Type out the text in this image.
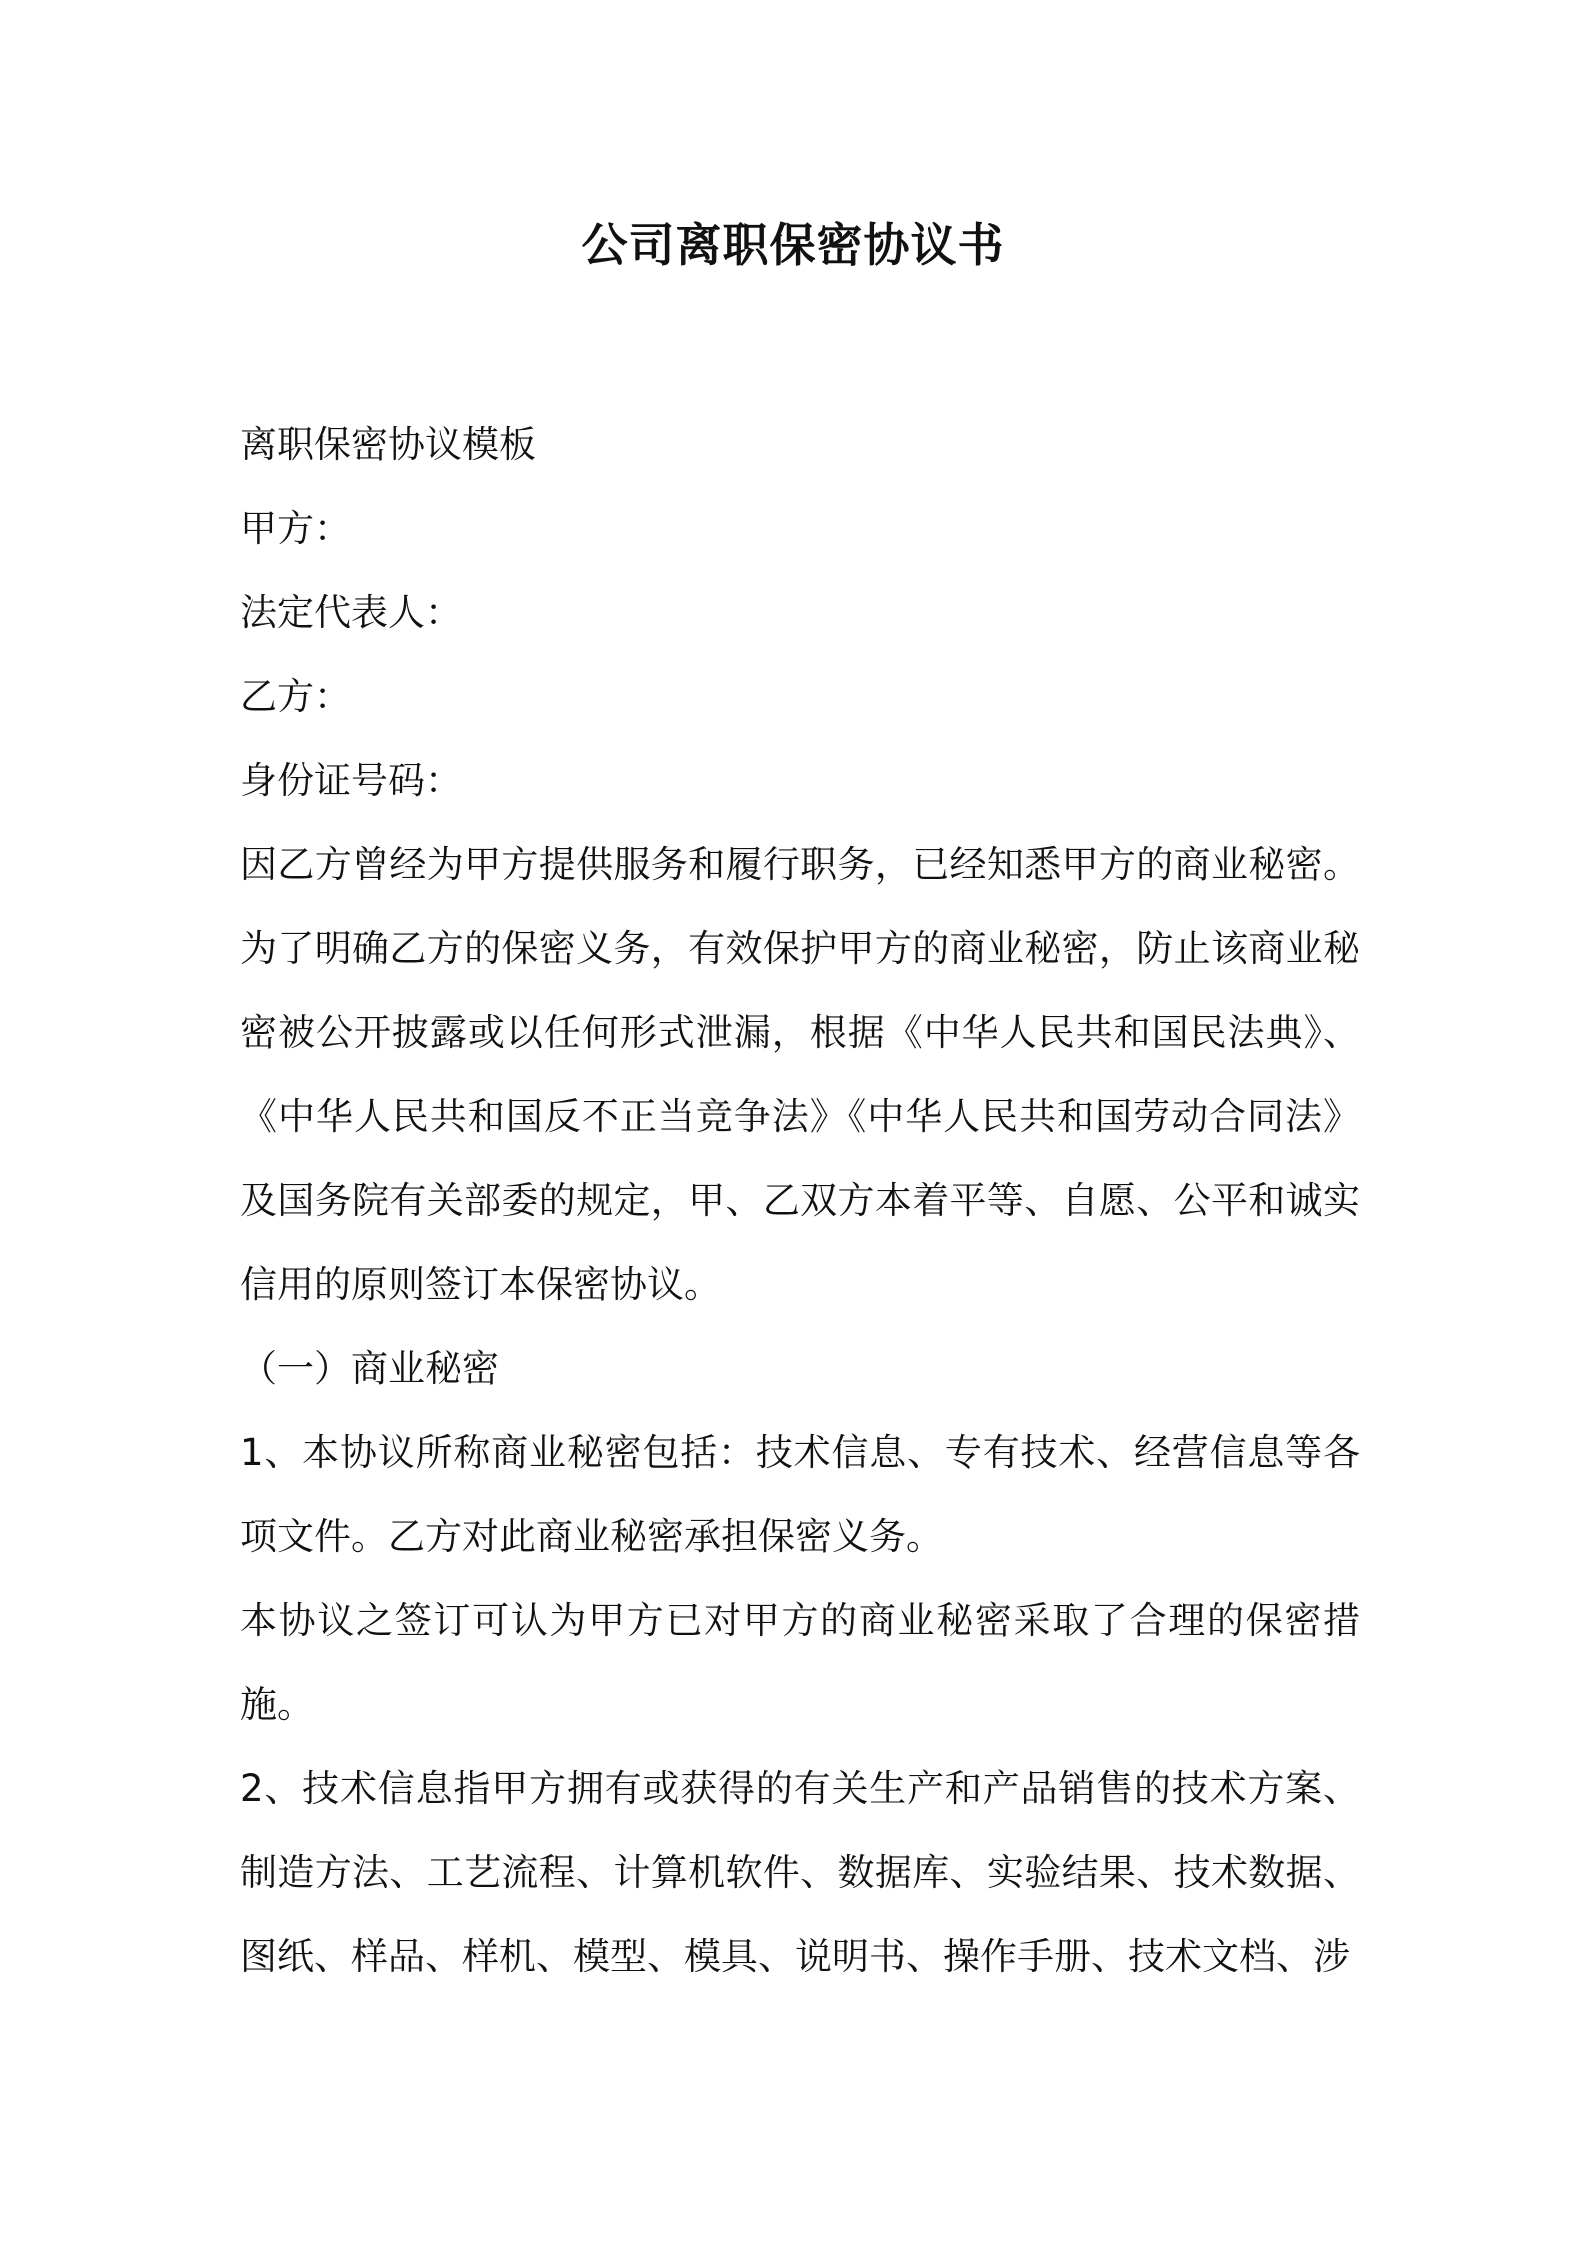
公司离职保密协议书

离职保密协议模板

甲方：

法定代表人：

乙方：

身份证号码：

因乙方曾经为甲方提供服务和履行职务，已经知悉甲方的商业秘密。为了明确乙方的保密义务，有效保护甲方的商业秘密，防止该商业秘密被公开披露或以任何形式泄漏，根据《中华人民共和国民法典》、《中华人民共和国反不正当竞争法》《中华人民共和国劳动合同法》及国务院有关部委的规定，甲、乙双方本着平等、自愿、公平和诚实信用的原则签订本保密协议。

（一）商业秘密

1、本协议所称商业秘密包括：技术信息、专有技术、经营信息等各项文件。乙方对此商业秘密承担保密义务。

本协议之签订可认为甲方已对甲方的商业秘密采取了合理的保密措施。

2、技术信息指甲方拥有或获得的有关生产和产品销售的技术方案、制造方法、工艺流程、计算机软件、数据库、实验结果、技术数据、图纸、样品、样机、模型、模具、说明书、操作手册、技术文档、涉
